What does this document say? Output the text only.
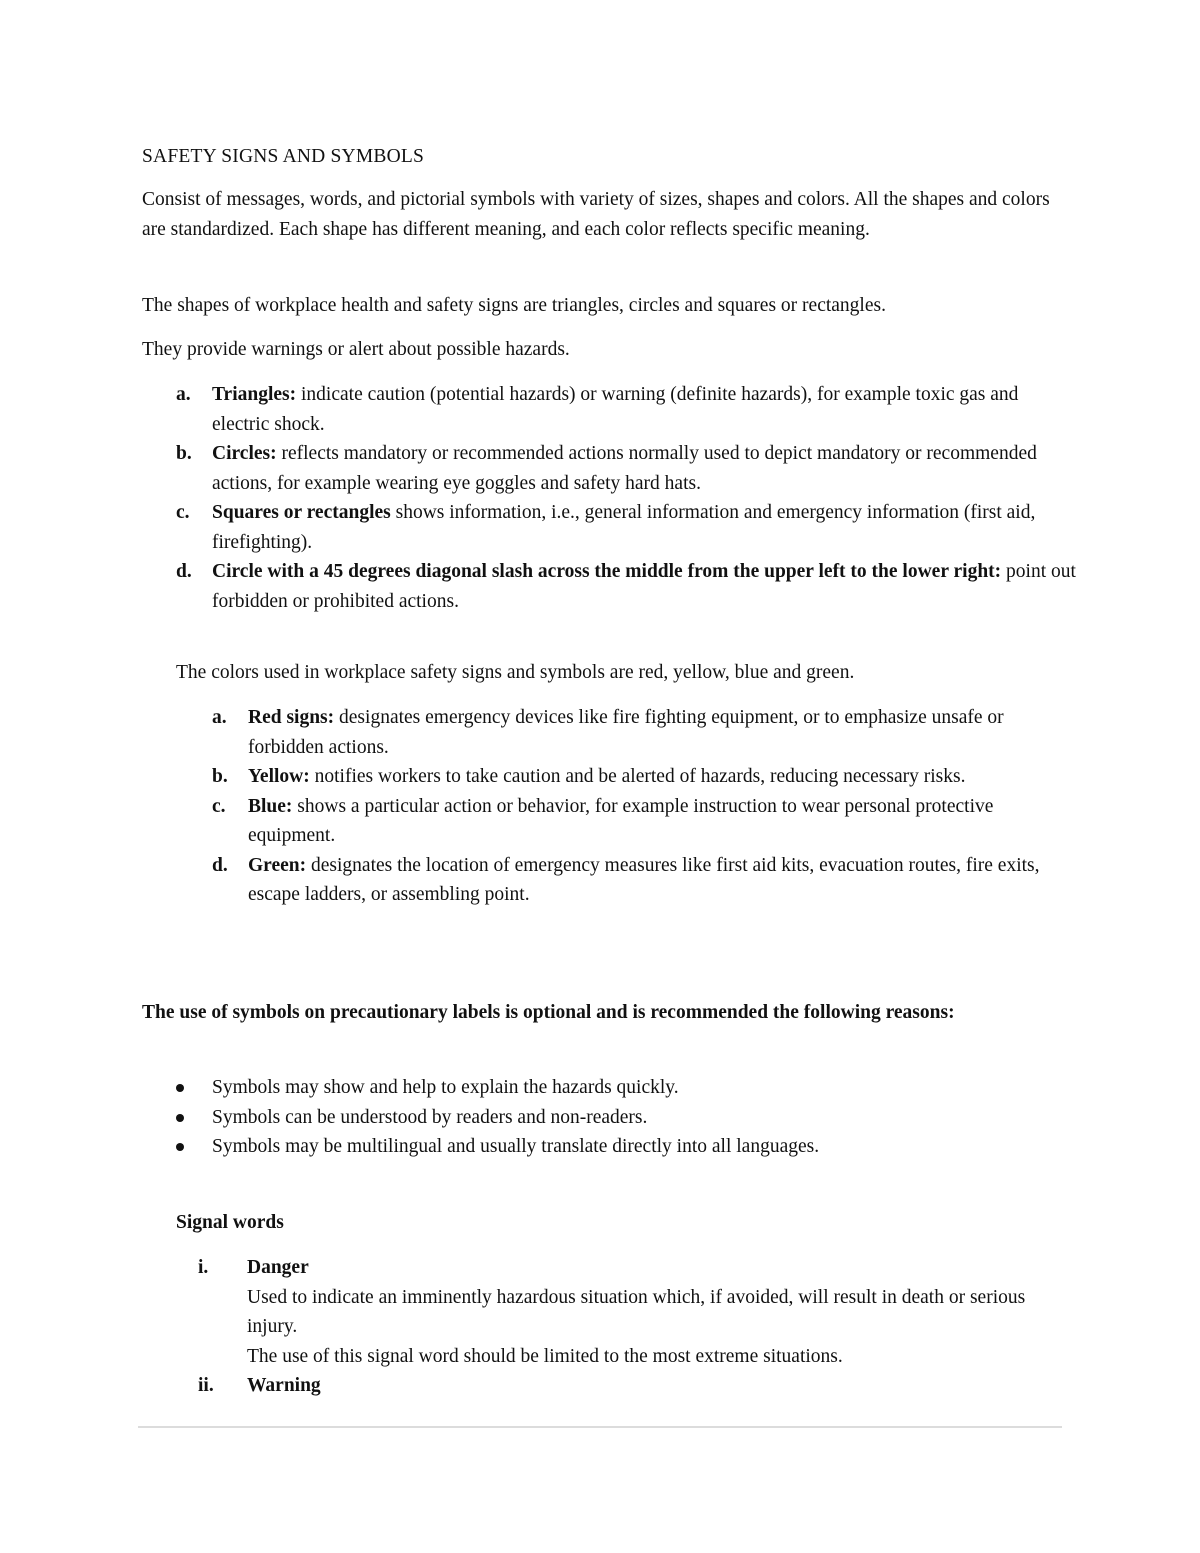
SAFETY SIGNS AND SYMBOLS

Consist of messages, words, and pictorial symbols with variety of sizes, shapes and colors. All the shapes and colors are standardized. Each shape has different meaning, and each color reflects specific meaning.

The shapes of workplace health and safety signs are triangles, circles and squares or rectangles.

They provide warnings or alert about possible hazards.

a. Triangles: indicate caution (potential hazards) or warning (definite hazards), for example toxic gas and electric shock.
b. Circles: reflects mandatory or recommended actions normally used to depict mandatory or recommended actions, for example wearing eye goggles and safety hard hats.
c. Squares or rectangles shows information, i.e., general information and emergency information (first aid, firefighting).
d. Circle with a 45 degrees diagonal slash across the middle from the upper left to the lower right: point out forbidden or prohibited actions.

The colors used in workplace safety signs and symbols are red, yellow, blue and green.

a. Red signs: designates emergency devices like fire fighting equipment, or to emphasize unsafe or forbidden actions.
b. Yellow: notifies workers to take caution and be alerted of hazards, reducing necessary risks.
c. Blue: shows a particular action or behavior, for example instruction to wear personal protective equipment.
d. Green: designates the location of emergency measures like first aid kits, evacuation routes, fire exits, escape ladders, or assembling point.

The use of symbols on precautionary labels is optional and is recommended the following reasons:

Symbols may show and help to explain the hazards quickly.
Symbols can be understood by readers and non-readers.
Symbols may be multilingual and usually translate directly into all languages.

Signal words

i. Danger
Used to indicate an imminently hazardous situation which, if avoided, will result in death or serious injury.
The use of this signal word should be limited to the most extreme situations.
ii. Warning
